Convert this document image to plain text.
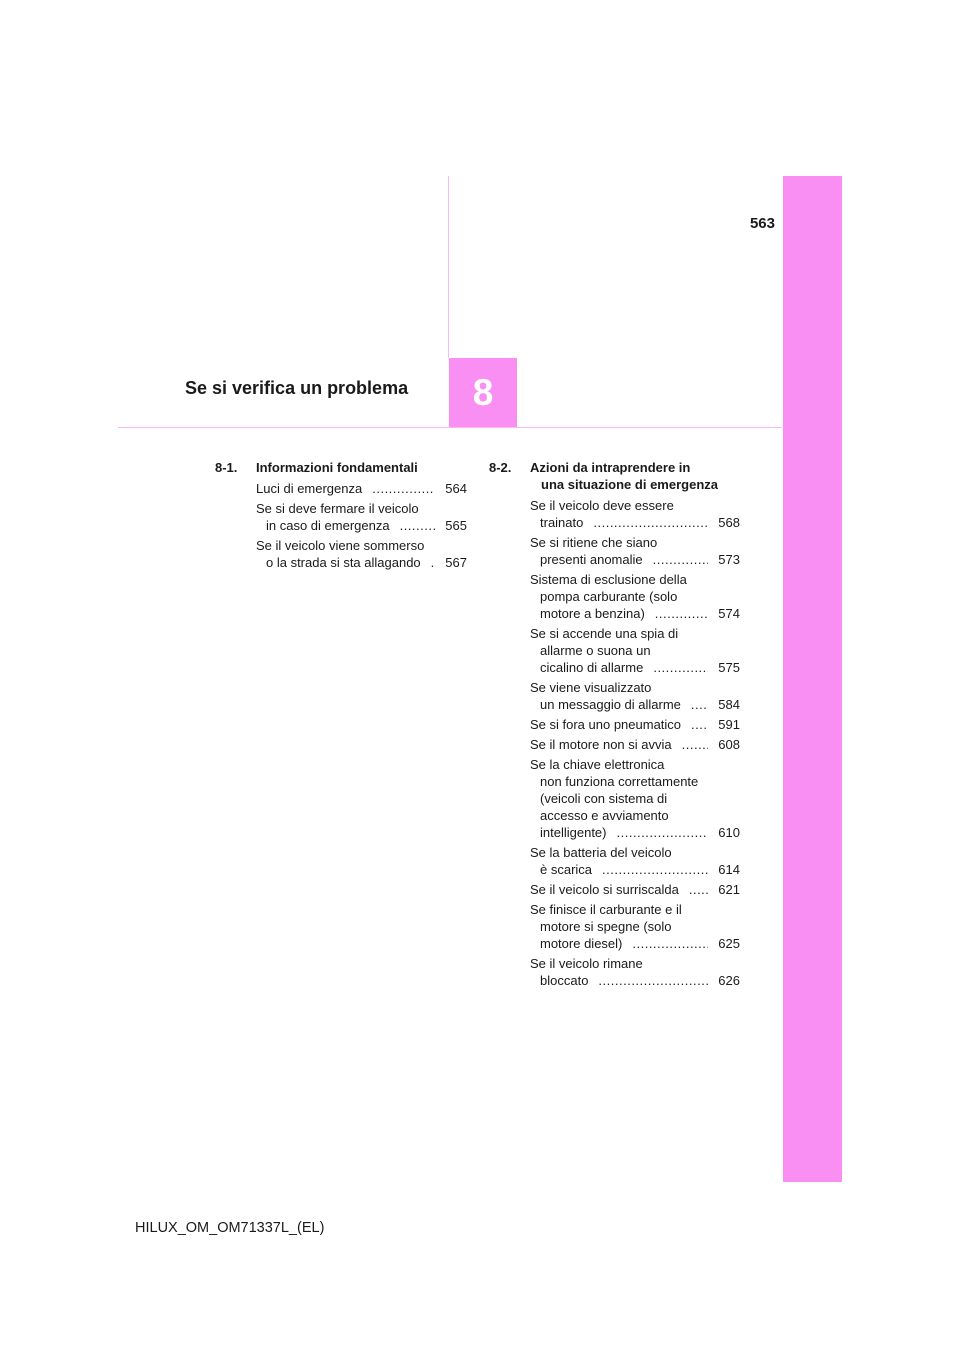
563
8
Se si verifica un problema
8-1.	Informazioni fondamentali
Luci di emergenza .....	564
Se si deve fermare il veicolo
in caso di emergenza .....	565
Se il veicolo viene sommerso
o la strada si sta allagando .....	567
8-2.	Azioni da intraprendere in
una situazione di emergenza
Se il veicolo deve essere
trainato .....	568
Se si ritiene che siano
presenti anomalie .....	573
Sistema di esclusione della
pompa carburante (solo
motore a benzina) .....	574
Se si accende una spia di
allarme o suona un
cicalino di allarme .....	575
Se viene visualizzato
un messaggio di allarme .....	584
Se si fora uno pneumatico .....	591
Se il motore non si avvia .....	608
Se la chiave elettronica
non funziona correttamente
(veicoli con sistema di
accesso e avviamento
intelligente) .....	610
Se la batteria del veicolo
è scarica .....	614
Se il veicolo si surriscalda .....	621
Se finisce il carburante e il
motore si spegne (solo
motore diesel) .....	625
Se il veicolo rimane
bloccato .....	626
HILUX_OM_OM71337L_(EL)
